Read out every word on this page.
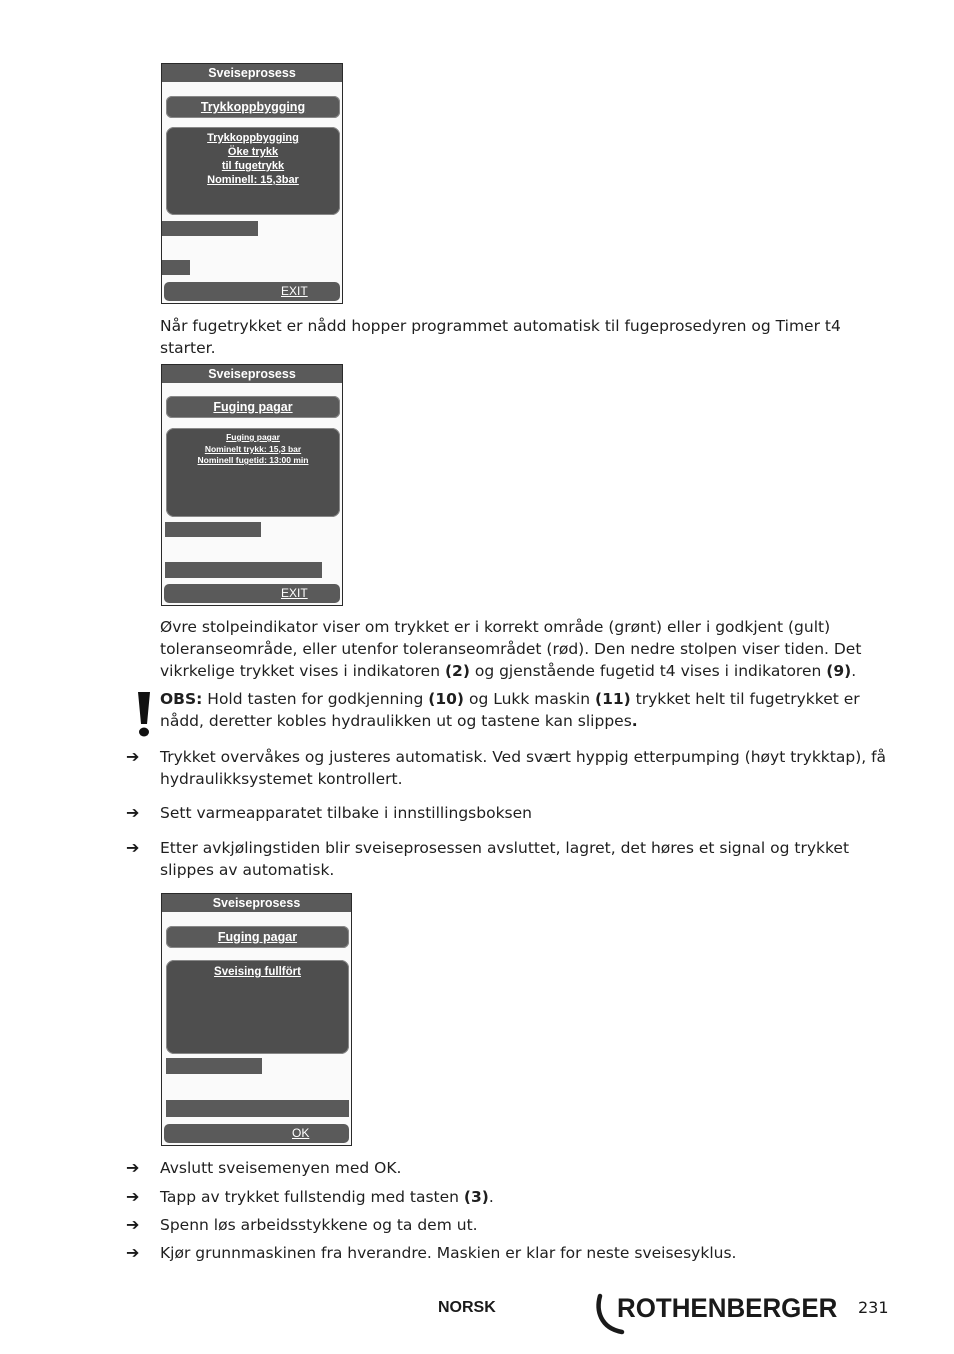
Sveiseprosess
Trykkoppbygging
Trykkoppbygging
Öke trykk
til fugetrykk
Nominell: 15,3bar
EXIT
Når fugetrykket er nådd hopper programmet automatisk til fugeprosedyren og Timer t4 starter.
Sveiseprosess
Fuging pagar
Fuging pagar
Nominelt trykk: 15,3 bar
Nominell fugetid: 13:00 min
EXIT
Øvre stolpeindikator viser om trykket er i korrekt område (grønt) eller i godkjent (gult) toleranseområde, eller utenfor toleranseområdet (rød). Den nedre stolpen viser tiden. Det vikrkelige trykket vises i indikatoren (2) og gjenstående fugetid t4 vises i indikatoren (9).
OBS: Hold tasten for godkjenning (10) og Lukk maskin (11) trykket helt til fugetrykket er nådd, deretter kobles hydraulikken ut og tastene kan slippes.
➔ Trykket overvåkes og justeres automatisk. Ved svært hyppig etterpumping (høyt trykktap), få hydraulikksystemet kontrollert.
➔ Sett varmeapparatet tilbake i innstillingsboksen
➔ Etter avkjølingstiden blir sveiseprosessen avsluttet, lagret, det høres et signal og trykket slippes av automatisk.
Sveiseprosess
Fuging pagar
Sveising fullfört
OK
➔ Avslutt sveisemenyen med OK.
➔ Tapp av trykket fullstendig med tasten (3).
➔ Spenn løs arbeidsstykkene og ta dem ut.
➔ Kjør grunnmaskinen fra hverandre. Maskien er klar for neste sveisesyklus.
NORSK	ROTHENBERGER 231
